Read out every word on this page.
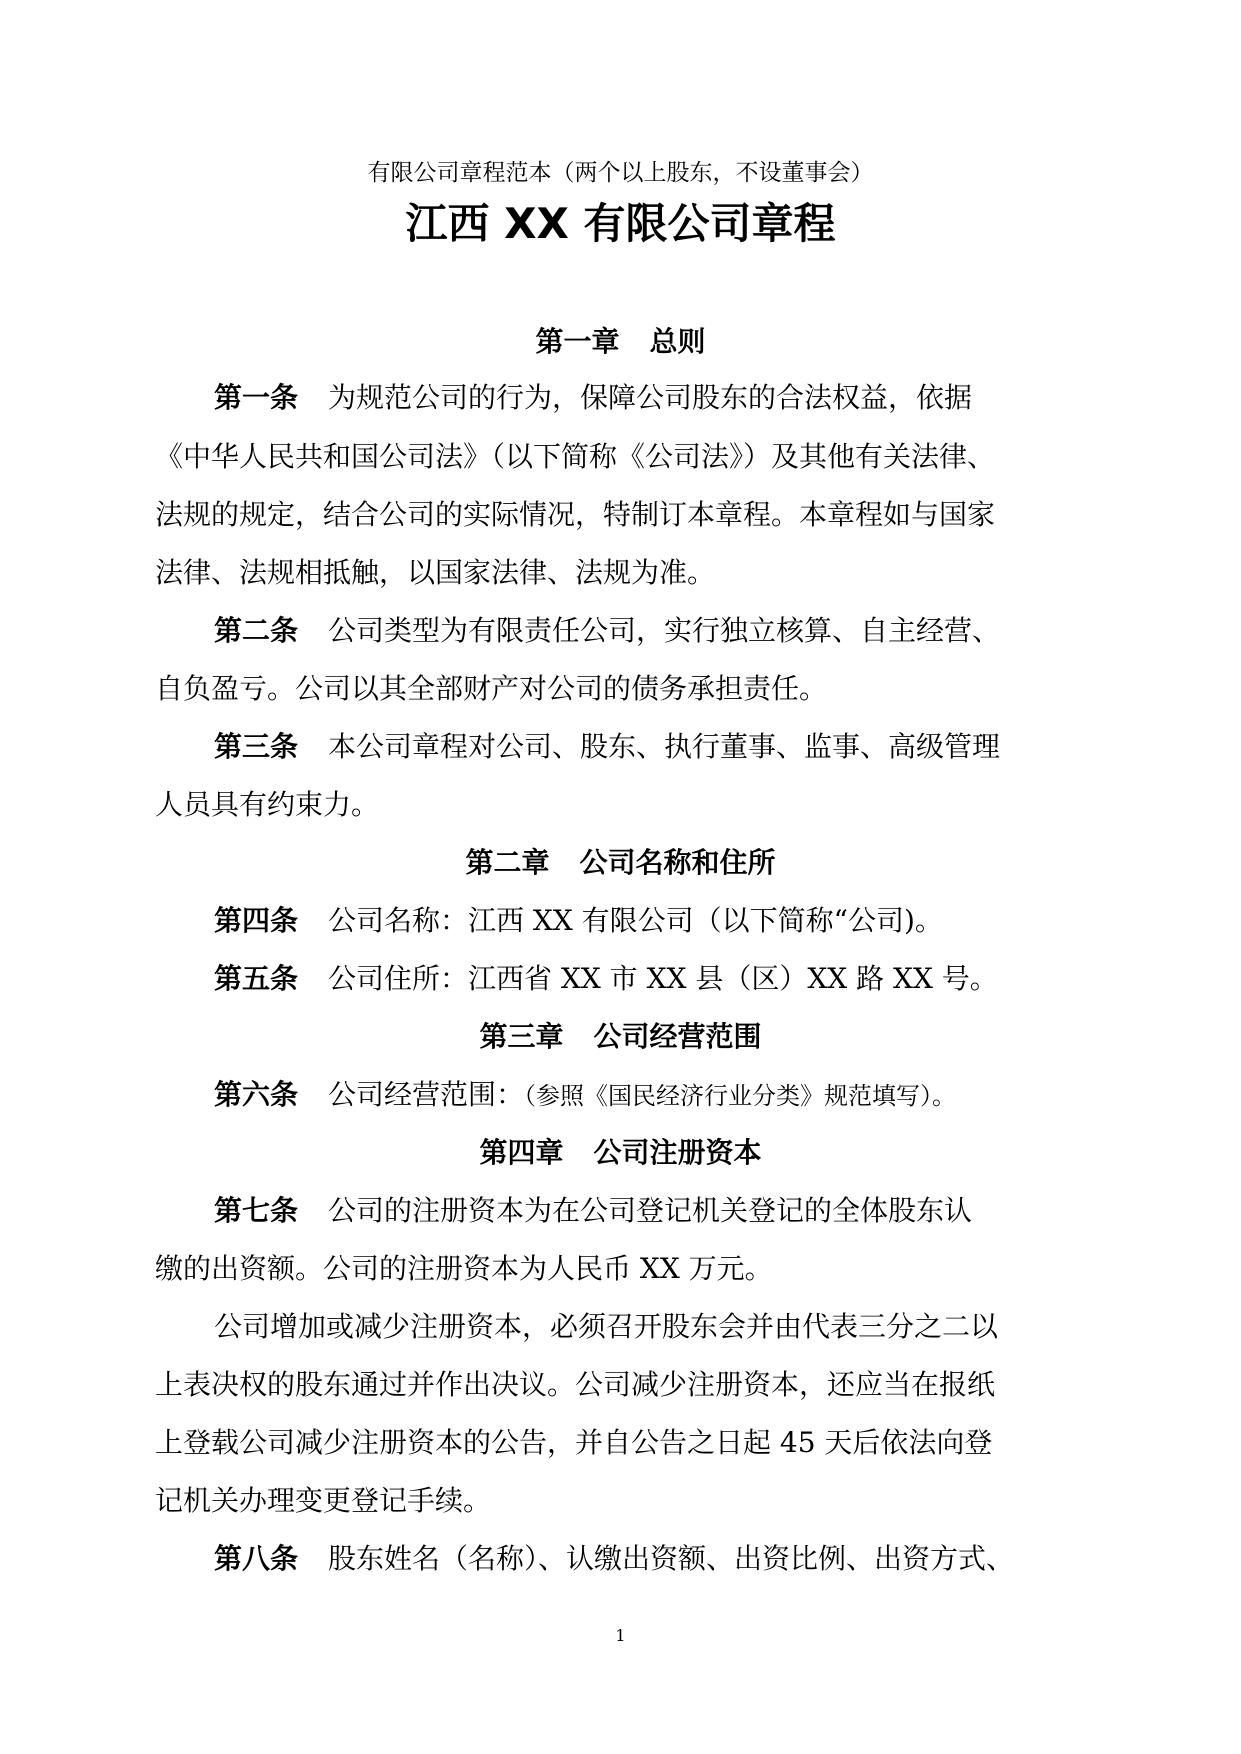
有限公司章程范本（两个以上股东，不设董事会）
江西 XX 有限公司章程
第一章 总则
第一条 为规范公司的行为，保障公司股东的合法权益，依据
《中华人民共和国公司法》（以下简称《公司法》）及其他有关法律、
法规的规定，结合公司的实际情况，特制订本章程。本章程如与国家
法律、法规相抵触，以国家法律、法规为准。
第二条 公司类型为有限责任公司，实行独立核算、自主经营、
自负盈亏。公司以其全部财产对公司的债务承担责任。
第三条 本公司章程对公司、股东、执行董事、监事、高级管理
人员具有约束力。
第二章 公司名称和住所
第四条 公司名称：江西 XX 有限公司（以下简称“公司)。
第五条 公司住所：江西省 XX 市 XX 县（区）XX 路 XX 号。
第三章 公司经营范围
第六条 公司经营范围：（参照《国民经济行业分类》规范填写）。
第四章 公司注册资本
第七条 公司的注册资本为在公司登记机关登记的全体股东认
缴的出资额。公司的注册资本为人民币 XX 万元。
公司增加或减少注册资本，必须召开股东会并由代表三分之二以
上表决权的股东通过并作出决议。公司减少注册资本，还应当在报纸
上登载公司减少注册资本的公告，并自公告之日起 45 天后依法向登
记机关办理变更登记手续。
第八条 股东姓名（名称）、认缴出资额、出资比例、出资方式、
1
